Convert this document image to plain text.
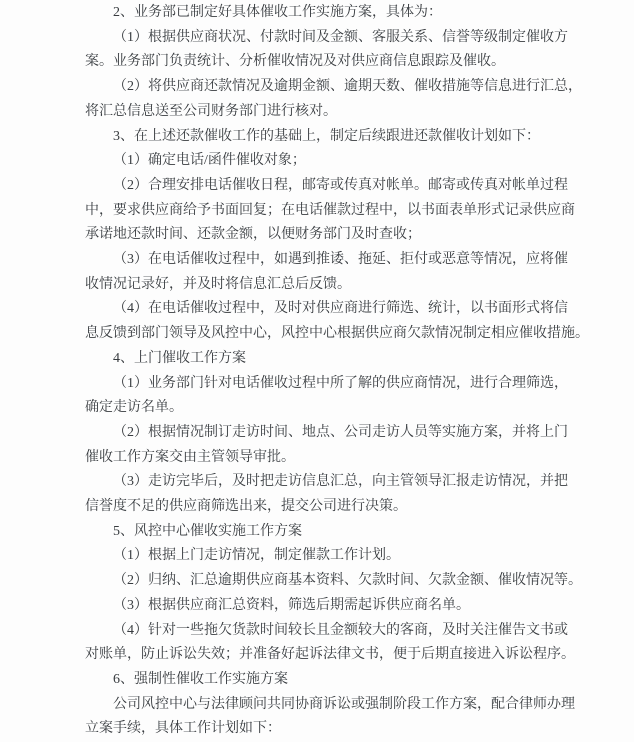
2、业务部已制定好具体催收工作实施方案，具体为：
（1）根据供应商状况、付款时间及金额、客服关系、信誉等级制定催收方
案。业务部门负责统计、分析催收情况及对供应商信息跟踪及催收。
（2）将供应商还款情况及逾期金额、逾期天数、催收措施等信息进行汇总，
将汇总信息送至公司财务部门进行核对。
3、在上述还款催收工作的基础上，制定后续跟进还款催收计划如下：
（1）确定电话/函件催收对象；
（2）合理安排电话催收日程，邮寄或传真对帐单。邮寄或传真对帐单过程
中，要求供应商给予书面回复；在电话催款过程中，以书面表单形式记录供应商
承诺地还款时间、还款金额，以便财务部门及时查收；
（3）在电话催收过程中，如遇到推诿、拖延、拒付或恶意等情况，应将催
收情况记录好，并及时将信息汇总后反馈。
（4）在电话催收过程中，及时对供应商进行筛选、统计，以书面形式将信
息反馈到部门领导及风控中心，风控中心根据供应商欠款情况制定相应催收措施。
4、上门催收工作方案
（1）业务部门针对电话催收过程中所了解的供应商情况，进行合理筛选，
确定走访名单。
（2）根据情况制订走访时间、地点、公司走访人员等实施方案，并将上门
催收工作方案交由主管领导审批。
（3）走访完毕后，及时把走访信息汇总，向主管领导汇报走访情况，并把
信誉度不足的供应商筛选出来，提交公司进行决策。
5、风控中心催收实施工作方案
（1）根据上门走访情况，制定催款工作计划。
（2）归纳、汇总逾期供应商基本资料、欠款时间、欠款金额、催收情况等。
（3）根据供应商汇总资料，筛选后期需起诉供应商名单。
（4）针对一些拖欠货款时间较长且金额较大的客商，及时关注催告文书或
对账单，防止诉讼失效；并准备好起诉法律文书，便于后期直接进入诉讼程序。
6、强制性催收工作实施方案
公司风控中心与法律顾问共同协商诉讼或强制阶段工作方案，配合律师办理
立案手续，具体工作计划如下：
